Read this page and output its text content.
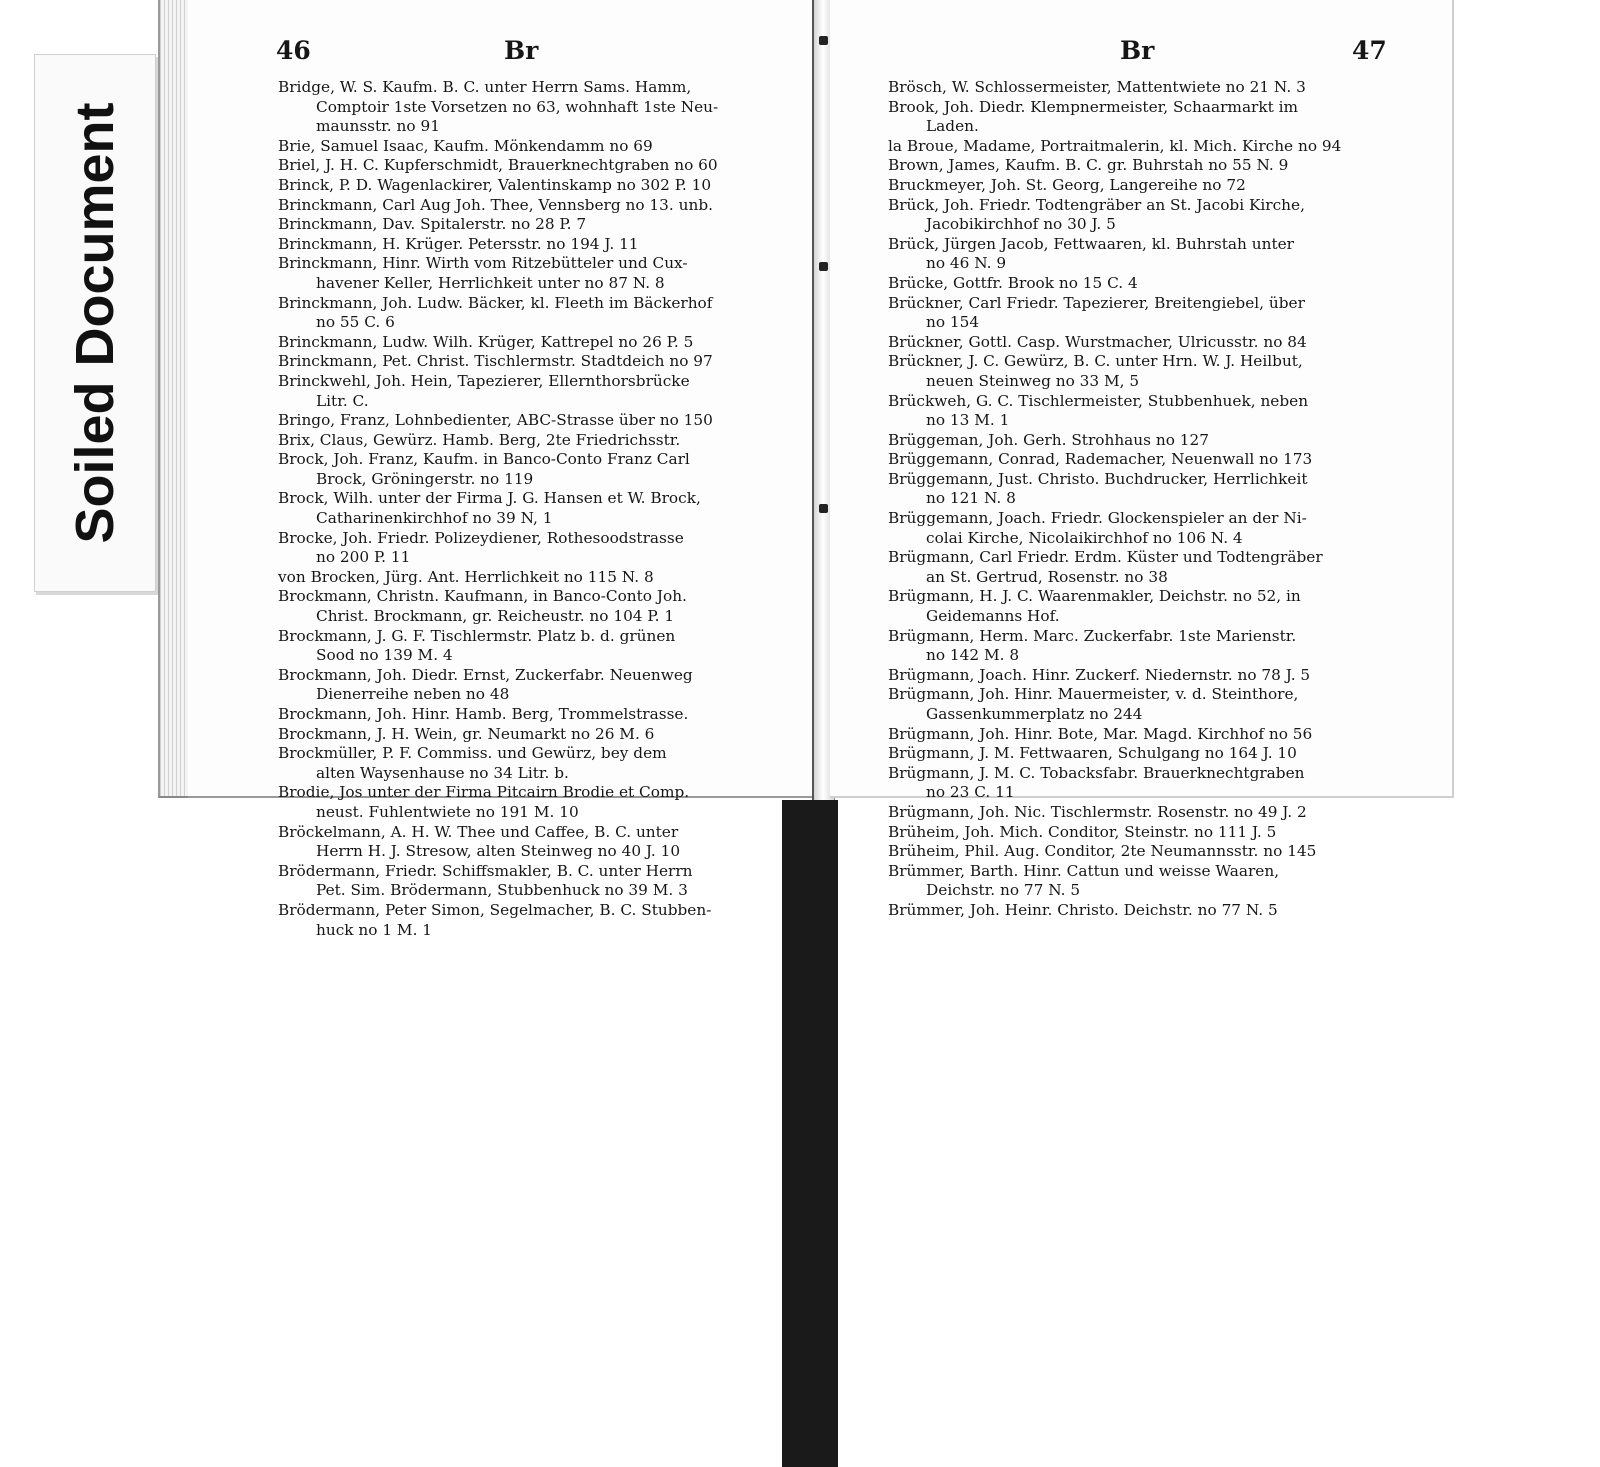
Soiled Document
46	Br

Bridge, W. S. Kaufm. B. C. unter Herrn Sams. Hamm,
Comptoir 1ste Vorsetzen no 63, wohnhaft 1ste Neu-
maunsstr. no 91

Brie, Samuel Isaac, Kaufm. Mönkendamm no 69

Briel, J. H. C. Kupferschmidt, Brauerknechtgraben no 60

Brinck, P. D. Wagenlackirer, Valentinskamp no 302 P. 10

Brinckmann, Carl Aug Joh. Thee, Vennsberg no 13. unb.

Brinckmann, Dav. Spitalerstr. no 28 P. 7

Brinckmann, H. Krüger. Petersstr. no 194 J. 11

Brinckmann, Hinr. Wirth vom Ritzebütteler und Cux-
havener Keller, Herrlichkeit unter no 87 N. 8

Brinckmann, Joh. Ludw. Bäcker, kl. Fleeth im Bäckerhof
no 55 C. 6

Brinckmann, Ludw. Wilh. Krüger, Kattrepel no 26 P. 5

Brinckmann, Pet. Christ. Tischlermstr. Stadtdeich no 97

Brinckwehl, Joh. Hein, Tapezierer, Ellernthorsbrücke
Litr. C.

Bringo, Franz, Lohnbedienter, ABC-Strasse über no 150

Brix, Claus, Gewürz. Hamb. Berg, 2te Friedrichsstr.

Brock, Joh. Franz, Kaufm. in Banco-Conto Franz Carl
Brock, Gröningerstr. no 119

Brock, Wilh. unter der Firma J. G. Hansen et W. Brock,
Catharinenkirchhof no 39 N, 1

Brocke, Joh. Friedr. Polizeydiener, Rothesoodstrasse
no 200 P. 11

von Brocken, Jürg. Ant. Herrlichkeit no 115 N. 8

Brockmann, Christn. Kaufmann, in Banco-Conto Joh.
Christ. Brockmann, gr. Reicheustr. no 104 P. 1

Brockmann, J. G. F. Tischlermstr. Platz b. d. grünen
Sood no 139 M. 4

Brockmann, Joh. Diedr. Ernst, Zuckerfabr. Neuenweg
Dienerreihe neben no 48

Brockmann, Joh. Hinr. Hamb. Berg, Trommelstrasse.

Brockmann, J. H. Wein, gr. Neumarkt no 26 M. 6

Brockmüller, P. F. Commiss. und Gewürz, bey dem
alten Waysenhause no 34 Litr. b.

Brodie, Jos unter der Firma Pitcairn Brodie et Comp.
neust. Fuhlentwiete no 191 M. 10

Bröckelmann, A. H. W. Thee und Caffee, B. C. unter
Herrn H. J. Stresow, alten Steinweg no 40 J. 10

Brödermann, Friedr. Schiffsmakler, B. C. unter Herrn
Pet. Sim. Brödermann, Stubbenhuck no 39 M. 3

Brödermann, Peter Simon, Segelmacher, B. C. Stubben-
huck no 1 M. 1

Br	47

Brösch, W. Schlossermeister, Mattentwiete no 21 N. 3

Brook, Joh. Diedr. Klempnermeister, Schaarmarkt im
Laden.

la Broue, Madame, Portraitmalerin, kl. Mich. Kirche no 94

Brown, James, Kaufm. B. C. gr. Buhrstah no 55 N. 9

Bruckmeyer, Joh. St. Georg, Langereihe no 72

Brück, Joh. Friedr. Todtengräber an St. Jacobi Kirche,
Jacobikirchhof no 30 J. 5

Brück, Jürgen Jacob, Fettwaaren, kl. Buhrstah unter
no 46 N. 9

Brücke, Gottfr. Brook no 15 C. 4

Brückner, Carl Friedr. Tapezierer, Breitengiebel, über
no 154

Brückner, Gottl. Casp. Wurstmacher, Ulricusstr. no 84

Brückner, J. C. Gewürz, B. C. unter Hrn. W. J. Heilbut,
neuen Steinweg no 33 M, 5

Brückweh, G. C. Tischlermeister, Stubbenhuek, neben
no 13 M. 1

Brüggeman, Joh. Gerh. Strohhaus no 127

Brüggemann, Conrad, Rademacher, Neuenwall no 173

Brüggemann, Just. Christo. Buchdrucker, Herrlichkeit
no 121 N. 8

Brüggemann, Joach. Friedr. Glockenspieler an der Ni-
colai Kirche, Nicolaikirchhof no 106 N. 4

Brügmann, Carl Friedr. Erdm. Küster und Todtengräber
an St. Gertrud, Rosenstr. no 38

Brügmann, H. J. C. Waarenmakler, Deichstr. no 52, in
Geidemanns Hof.

Brügmann, Herm. Marc. Zuckerfabr. 1ste Marienstr.
no 142 M. 8

Brügmann, Joach. Hinr. Zuckerf. Niedernstr. no 78 J. 5

Brügmann, Joh. Hinr. Mauermeister, v. d. Steinthore,
Gassenkummerplatz no 244

Brügmann, Joh. Hinr. Bote, Mar. Magd. Kirchhof no 56

Brügmann, J. M. Fettwaaren, Schulgang no 164 J. 10

Brügmann, J. M. C. Tobacksfabr. Brauerknechtgraben
no 23 C. 11

Brügmann, Joh. Nic. Tischlermstr. Rosenstr. no 49 J. 2

Brüheim, Joh. Mich. Conditor, Steinstr. no 111 J. 5

Brüheim, Phil. Aug. Conditor, 2te Neumannsstr. no 145

Brümmer, Barth. Hinr. Cattun und weisse Waaren,
Deichstr. no 77 N. 5

Brümmer, Joh. Heinr. Christo. Deichstr. no 77 N. 5
